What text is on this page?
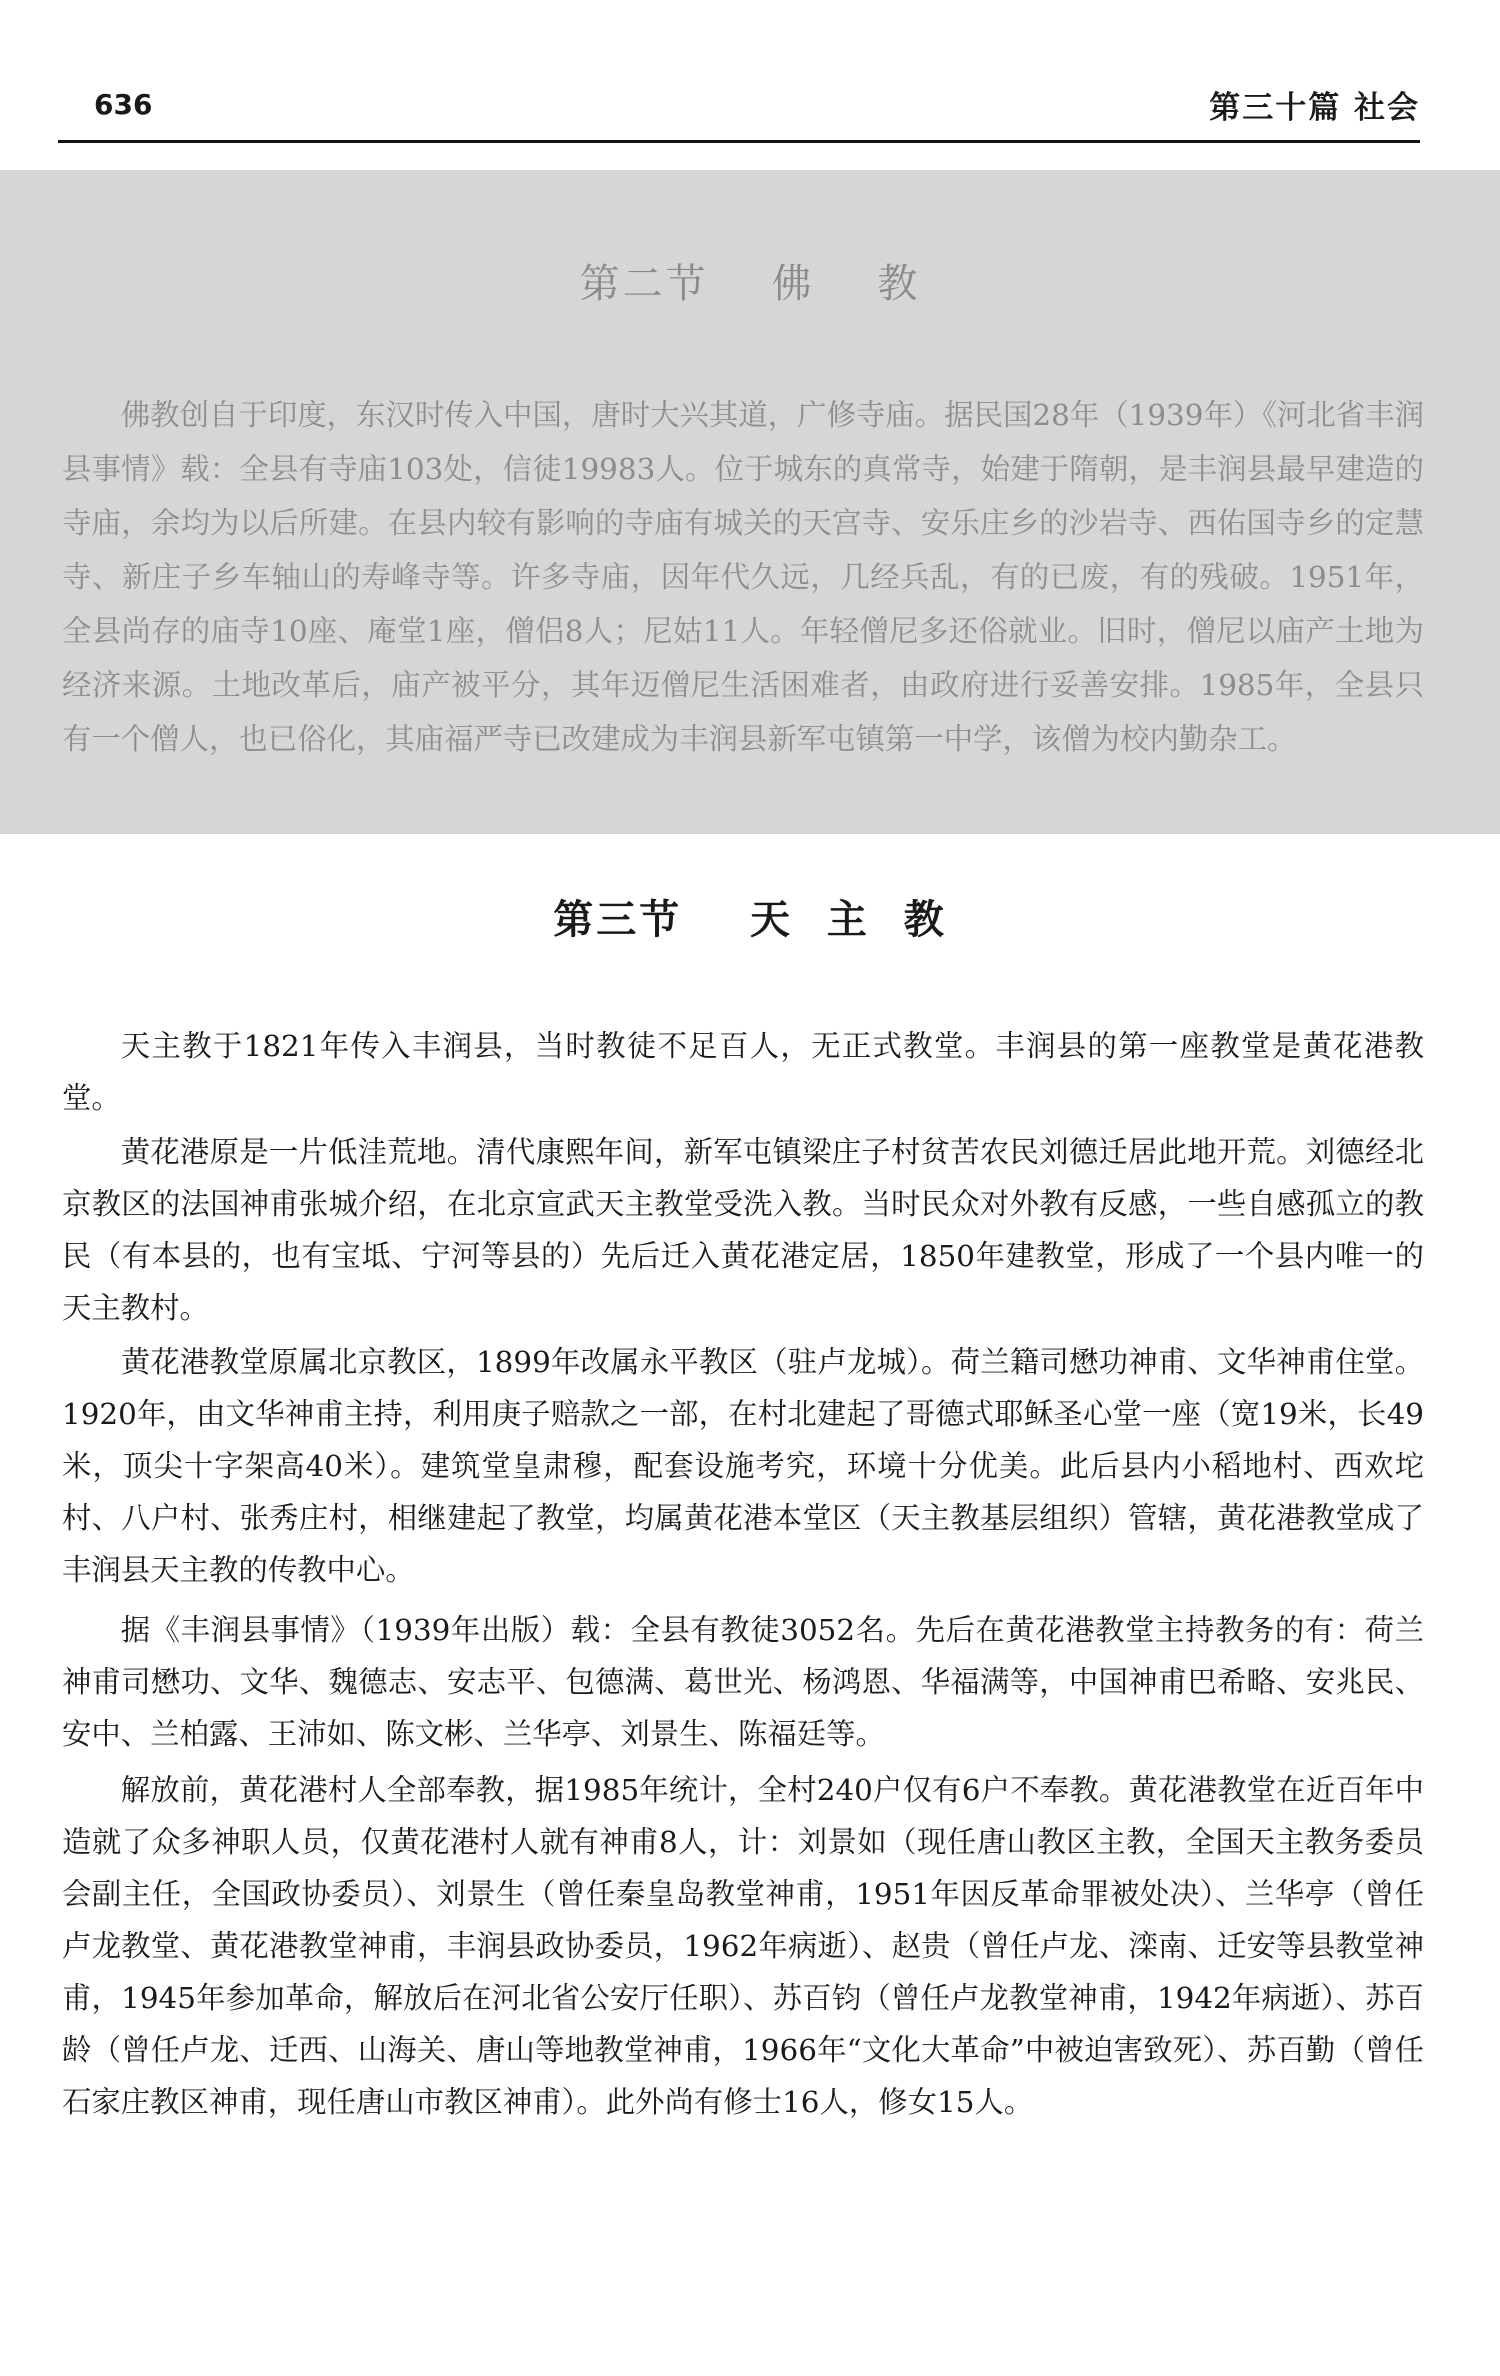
636	第三十篇 社会
第二节    佛    教

佛教创自于印度，东汉时传入中国，唐时大兴其道，广修寺庙。据民国28年（1939年）《河北省丰润县事情》载：全县有寺庙103处，信徒19983人。位于城东的真常寺，始建于隋朝，是丰润县最早建造的寺庙，余均为以后所建。在县内较有影响的寺庙有城关的天宫寺、安乐庄乡的沙岩寺、西佑国寺乡的定慧寺、新庄子乡车轴山的寿峰寺等。许多寺庙，因年代久远，几经兵乱，有的已废，有的残破。1951年，全县尚存的庙寺10座、庵堂1座，僧侣8人；尼姑11人。年轻僧尼多还俗就业。旧时，僧尼以庙产土地为经济来源。土地改革后，庙产被平分，其年迈僧尼生活困难者，由政府进行妥善安排。1985年，全县只有一个僧人，也已俗化，其庙福严寺已改建成为丰润县新军屯镇第一中学，该僧为校内勤杂工。

第三节    天  主  教

天主教于1821年传入丰润县，当时教徒不足百人，无正式教堂。丰润县的第一座教堂是黄花港教堂。

黄花港原是一片低洼荒地。清代康熙年间，新军屯镇梁庄子村贫苦农民刘德迁居此地开荒。刘德经北京教区的法国神甫张城介绍，在北京宣武天主教堂受洗入教。当时民众对外教有反感，一些自感孤立的教民（有本县的，也有宝坻、宁河等县的）先后迁入黄花港定居，1850年建教堂，形成了一个县内唯一的天主教村。

黄花港教堂原属北京教区，1899年改属永平教区（驻卢龙城）。荷兰籍司懋功神甫、文华神甫住堂。1920年，由文华神甫主持，利用庚子赔款之一部，在村北建起了哥德式耶稣圣心堂一座（宽19米，长49米，顶尖十字架高40米）。建筑堂皇肃穆，配套设施考究，环境十分优美。此后县内小稻地村、西欢坨村、八户村、张秀庄村，相继建起了教堂，均属黄花港本堂区（天主教基层组织）管辖，黄花港教堂成了丰润县天主教的传教中心。

据《丰润县事情》（1939年出版）载：全县有教徒3052名。先后在黄花港教堂主持教务的有：荷兰神甫司懋功、文华、魏德志、安志平、包德满、葛世光、杨鸿恩、华福满等，中国神甫巴希略、安兆民、安中、兰柏露、王沛如、陈文彬、兰华亭、刘景生、陈福廷等。

解放前，黄花港村人全部奉教，据1985年统计，全村240户仅有6户不奉教。黄花港教堂在近百年中造就了众多神职人员，仅黄花港村人就有神甫8人，计：刘景如（现任唐山教区主教，全国天主教务委员会副主任，全国政协委员）、刘景生（曾任秦皇岛教堂神甫，1951年因反革命罪被处决）、兰华亭（曾任卢龙教堂、黄花港教堂神甫，丰润县政协委员，1962年病逝）、赵贵（曾任卢龙、滦南、迁安等县教堂神甫，1945年参加革命，解放后在河北省公安厅任职）、苏百钧（曾任卢龙教堂神甫，1942年病逝）、苏百龄（曾任卢龙、迁西、山海关、唐山等地教堂神甫，1966年“文化大革命”中被迫害致死）、苏百勤（曾任石家庄教区神甫，现任唐山市教区神甫）。此外尚有修士16人，修女15人。
